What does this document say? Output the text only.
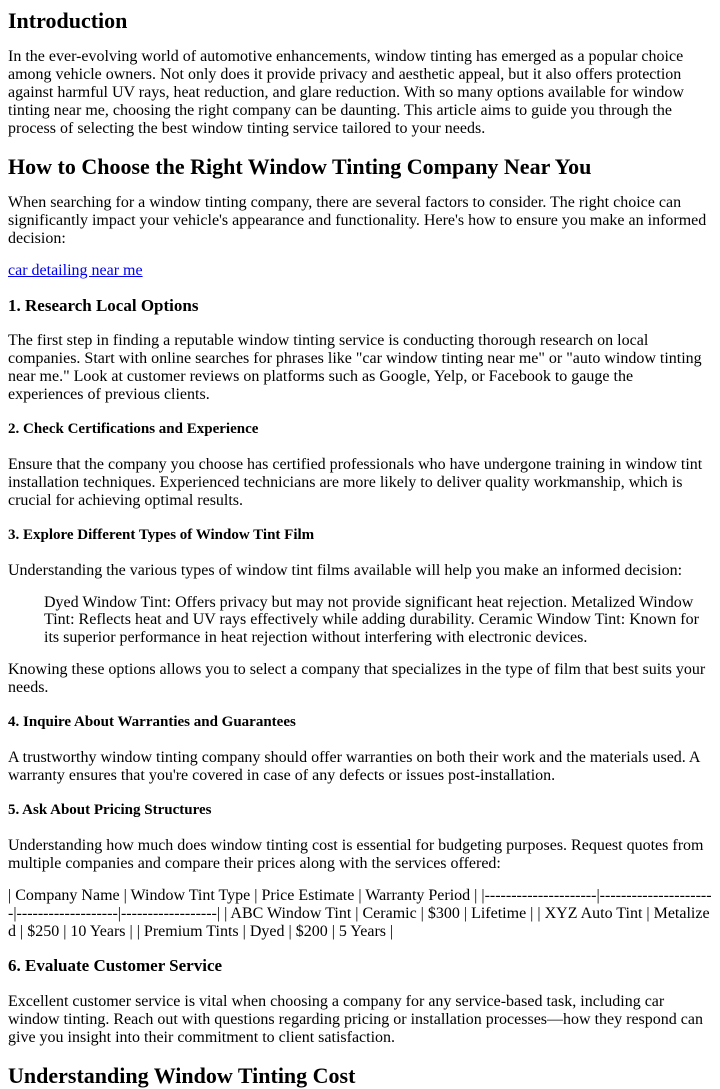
Introduction

In the ever-evolving world of automotive enhancements, window tinting has emerged as a popular choice among vehicle owners. Not only does it provide privacy and aesthetic appeal, but it also offers protection against harmful UV rays, heat reduction, and glare reduction. With so many options available for window tinting near me, choosing the right company can be daunting. This article aims to guide you through the process of selecting the best window tinting service tailored to your needs.

How to Choose the Right Window Tinting Company Near You

When searching for a window tinting company, there are several factors to consider. The right choice can significantly impact your vehicle's appearance and functionality. Here's how to ensure you make an informed decision:

car detailing near me

1. Research Local Options

The first step in finding a reputable window tinting service is conducting thorough research on local companies. Start with online searches for phrases like "car window tinting near me" or "auto window tinting near me." Look at customer reviews on platforms such as Google, Yelp, or Facebook to gauge the experiences of previous clients.

2. Check Certifications and Experience

Ensure that the company you choose has certified professionals who have undergone training in window tint installation techniques. Experienced technicians are more likely to deliver quality workmanship, which is crucial for achieving optimal results.

3. Explore Different Types of Window Tint Film

Understanding the various types of window tint films available will help you make an informed decision:

Dyed Window Tint: Offers privacy but may not provide significant heat rejection. Metalized Window Tint: Reflects heat and UV rays effectively while adding durability. Ceramic Window Tint: Known for its superior performance in heat rejection without interfering with electronic devices.

Knowing these options allows you to select a company that specializes in the type of film that best suits your needs.

4. Inquire About Warranties and Guarantees

A trustworthy window tinting company should offer warranties on both their work and the materials used. A warranty ensures that you're covered in case of any defects or issues post-installation.

5. Ask About Pricing Structures

Understanding how much does window tinting cost is essential for budgeting purposes. Request quotes from multiple companies and compare their prices along with the services offered:

| Company Name | Window Tint Type | Price Estimate | Warranty Period | |---------------------|----------------------|-------------------|------------------| | ABC Window Tint | Ceramic | $300 | Lifetime | | XYZ Auto Tint | Metalized | $250 | 10 Years | | Premium Tints | Dyed | $200 | 5 Years |

6. Evaluate Customer Service

Excellent customer service is vital when choosing a company for any service-based task, including car window tinting. Reach out with questions regarding pricing or installation processes—how they respond can give you insight into their commitment to client satisfaction.

Understanding Window Tinting Cost
